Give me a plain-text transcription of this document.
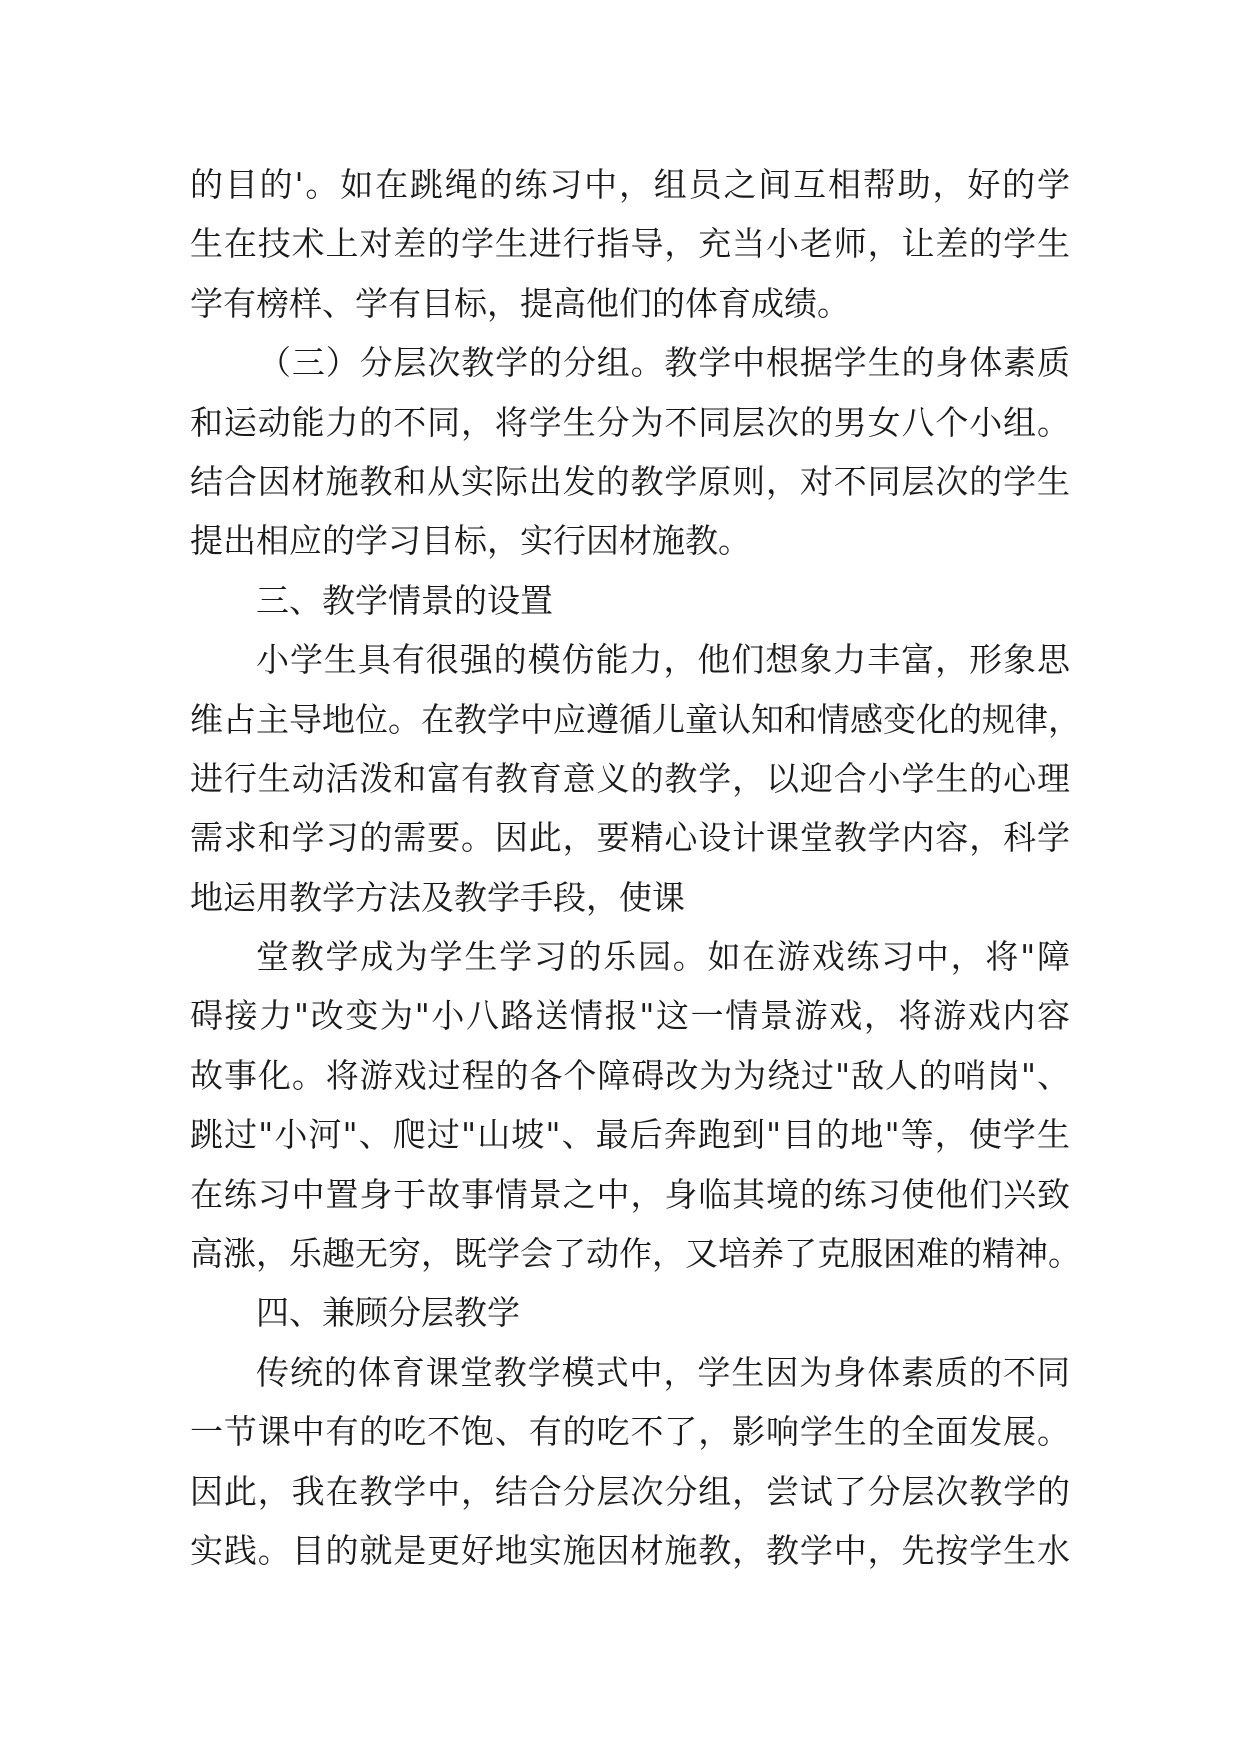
的目的'。如在跳绳的练习中，组员之间互相帮助，好的学
生在技术上对差的学生进行指导，充当小老师，让差的学生
学有榜样、学有目标，提高他们的体育成绩。
（三）分层次教学的分组。教学中根据学生的身体素质
和运动能力的不同，将学生分为不同层次的男女八个小组。
结合因材施教和从实际出发的教学原则，对不同层次的学生
提出相应的学习目标，实行因材施教。
三、教学情景的设置
小学生具有很强的模仿能力，他们想象力丰富，形象思
维占主导地位。在教学中应遵循儿童认知和情感变化的规律，
进行生动活泼和富有教育意义的教学，以迎合小学生的心理
需求和学习的需要。因此，要精心设计课堂教学内容，科学
地运用教学方法及教学手段，使课
堂教学成为学生学习的乐园。如在游戏练习中，将"障
碍接力"改变为"小八路送情报"这一情景游戏，将游戏内容
故事化。将游戏过程的各个障碍改为为绕过"敌人的哨岗"、
跳过"小河"、爬过"山坡"、最后奔跑到"目的地"等，使学生
在练习中置身于故事情景之中，身临其境的练习使他们兴致
高涨，乐趣无穷，既学会了动作，又培养了克服困难的精神。
四、兼顾分层教学
传统的体育课堂教学模式中，学生因为身体素质的不同
一节课中有的吃不饱、有的吃不了，影响学生的全面发展。
因此，我在教学中，结合分层次分组，尝试了分层次教学的
实践。目的就是更好地实施因材施教，教学中，先按学生水
